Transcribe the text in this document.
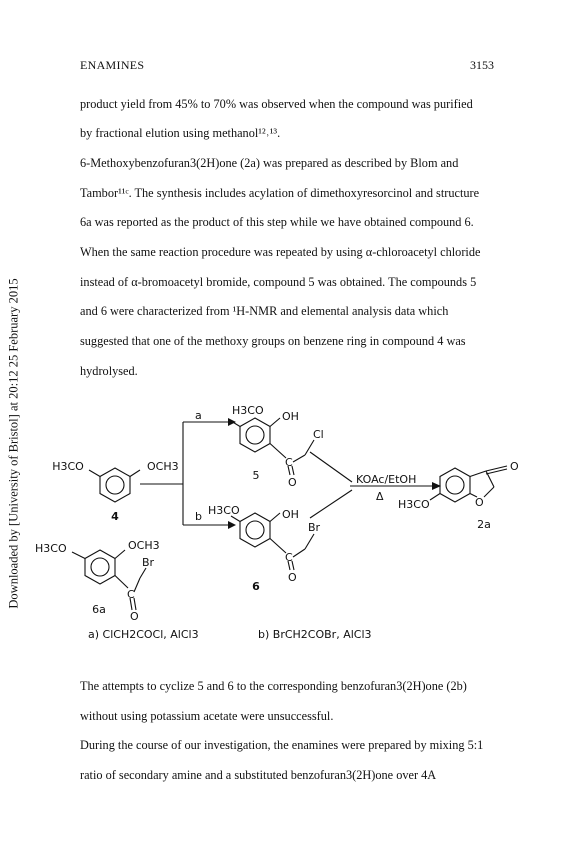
Downloaded by [University of Bristol] at 20:12 25 February 2015
ENAMINES	3153
product yield from 45% to 70% was observed when the compound was purified
by fractional elution using methanol¹²˒¹³.
6-Methoxybenzofuran3(2H)one (2a) was prepared as described by Blom and
Tambor¹¹ᶜ. The synthesis includes acylation of dimethoxyresorcinol and structure
6a was reported as the product of this step while we have obtained compound 6.
When the same reaction procedure was repeated by using α-chloroacetyl chloride
instead of α-bromoacetyl bromide, compound 5 was obtained. The compounds 5
and 6 were characterized from ¹H-NMR and elemental analysis data which
suggested that one of the methoxy groups on benzene ring in compound 4 was
hydrolysed.
H3CO	OCH3
4
a
b
H3CO OH
Cl
C
O
5
H3CO	OH
Br
C
O
6
KOAc/EtOH
Δ
O
O
H3CO
2a
H3CO	OCH3
Br
C
O
6a
a) ClCH2COCl, AlCl3	b) BrCH2COBr, AlCl3
The attempts to cyclize 5 and 6 to the corresponding benzofuran3(2H)one (2b)
without using potassium acetate were unsuccessful.
During the course of our investigation, the enamines were prepared by mixing 5:1
ratio of secondary amine and a substituted benzofuran3(2H)one over 4A
